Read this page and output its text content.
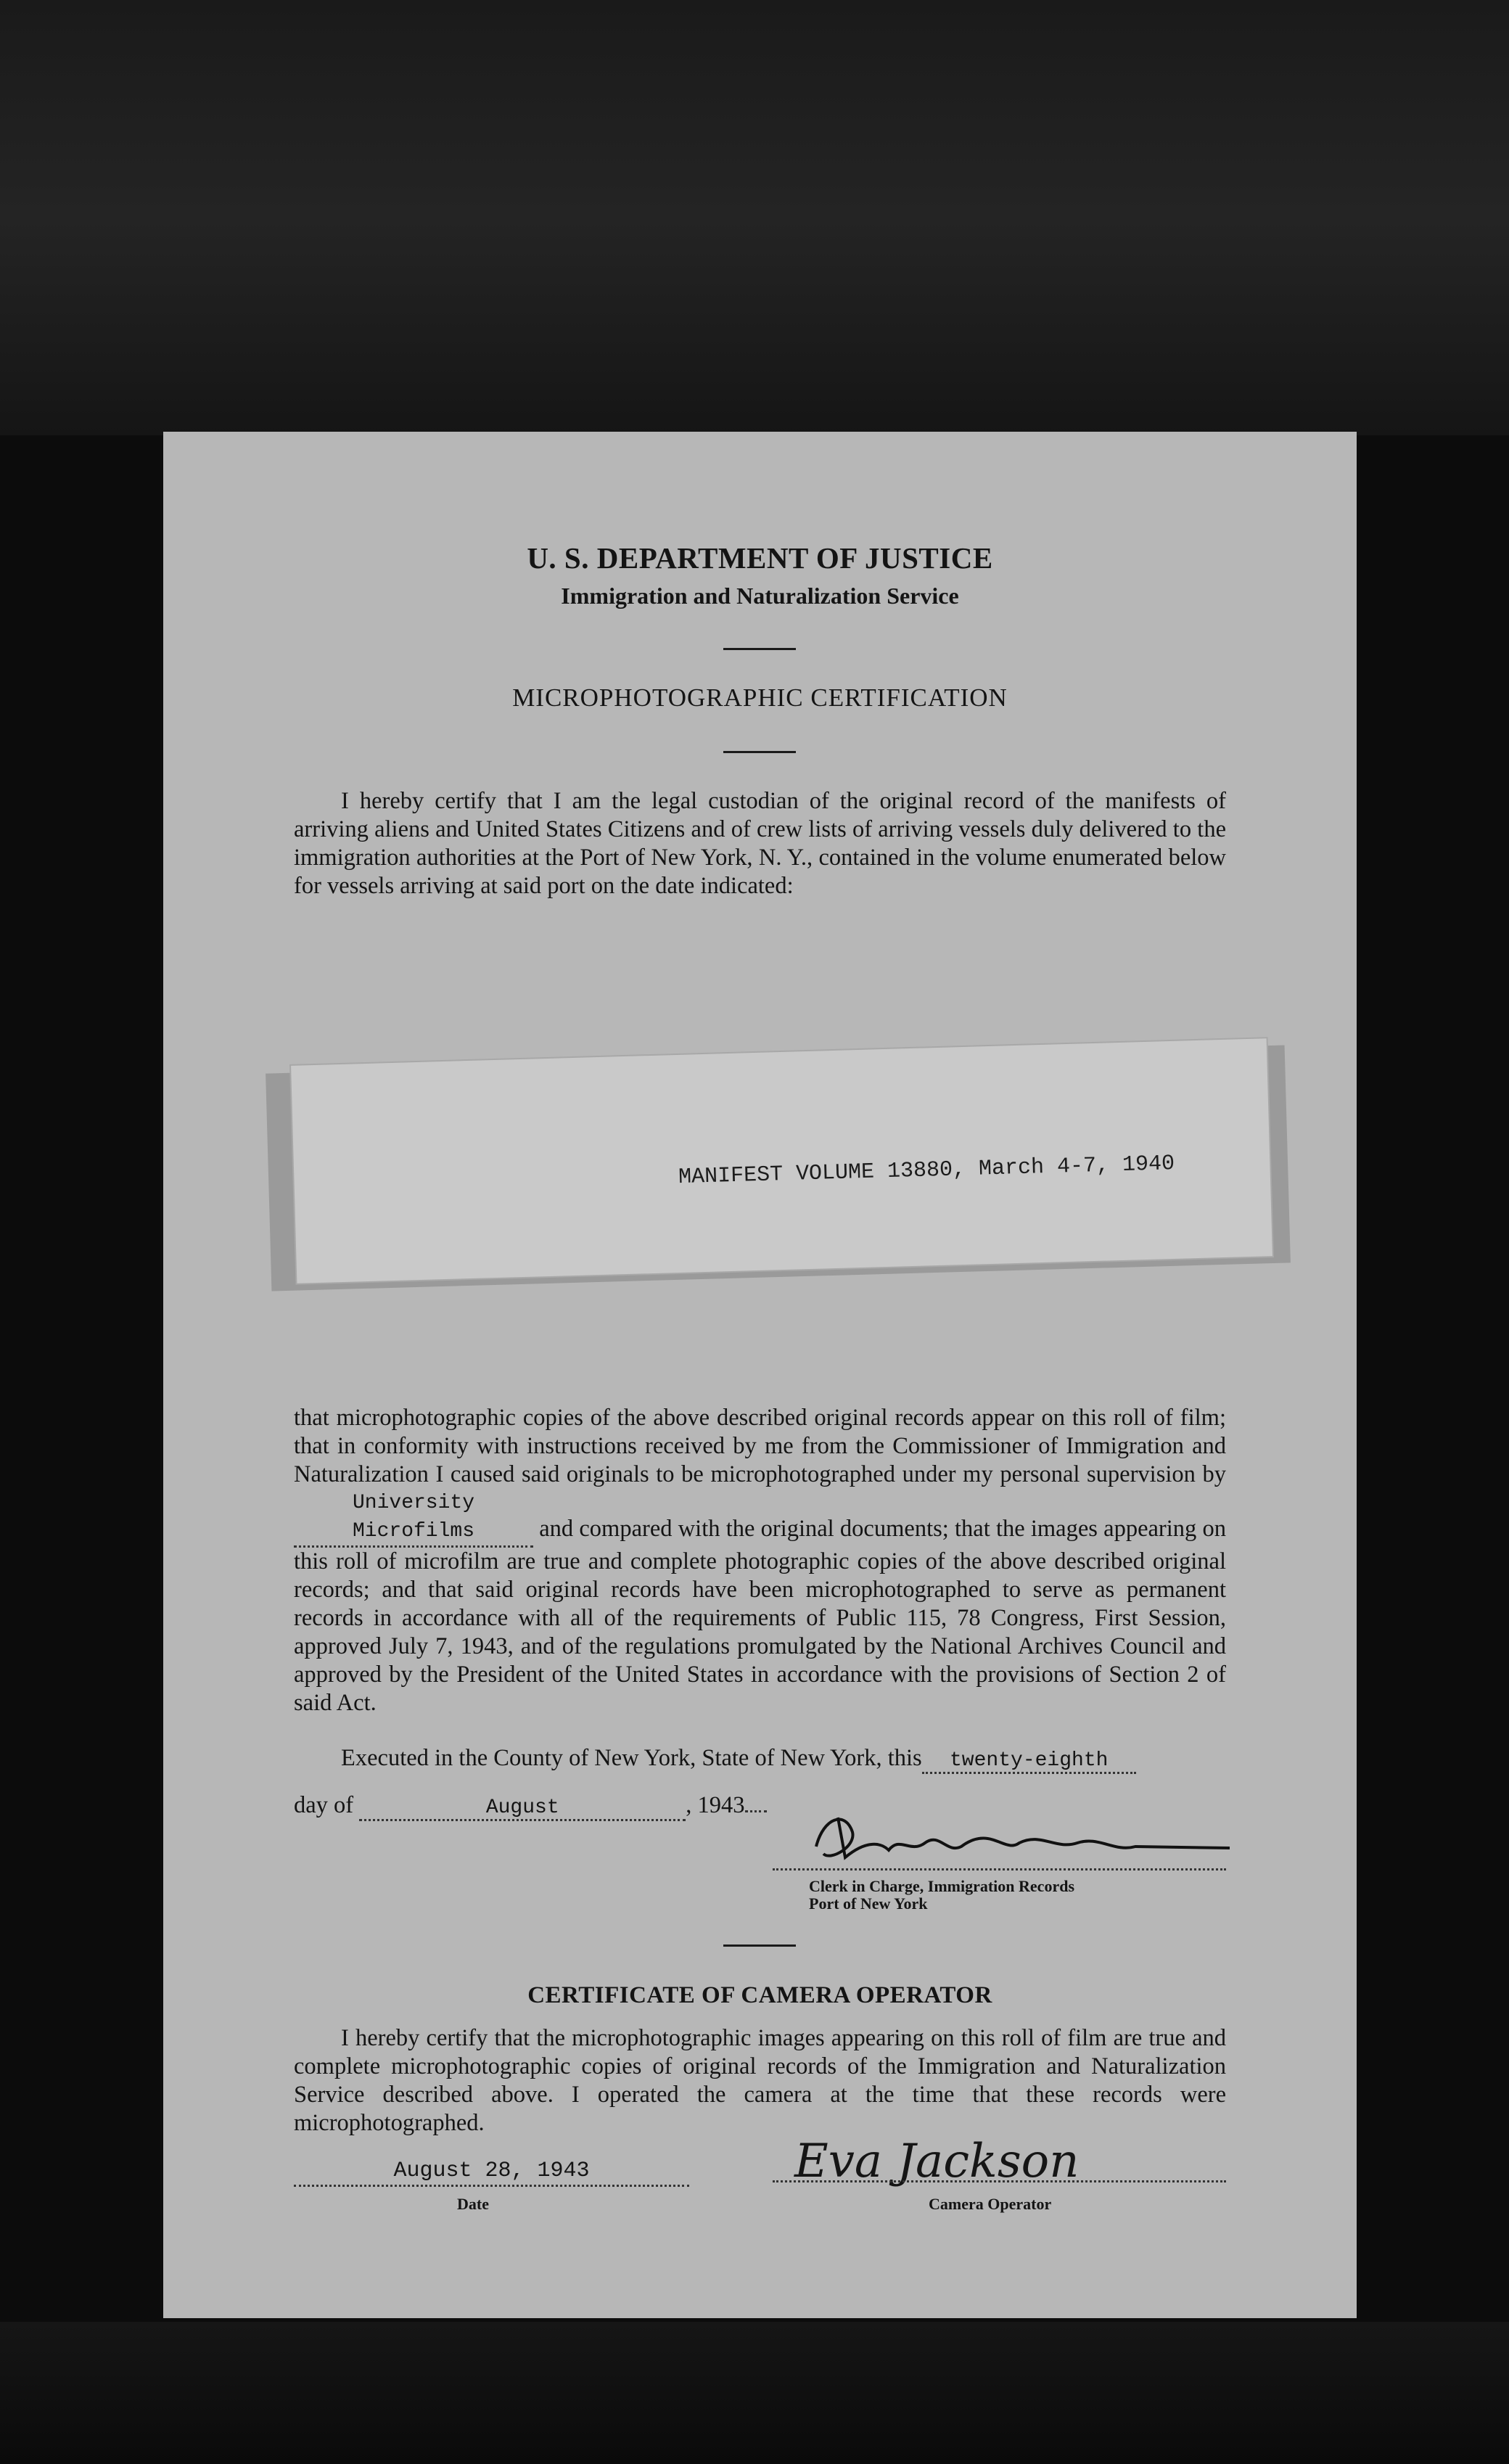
U. S. DEPARTMENT OF JUSTICE
Immigration and Naturalization Service
MICROPHOTOGRAPHIC CERTIFICATION
I hereby certify that I am the legal custodian of the original record of the manifests of arriving aliens and United States Citizens and of crew lists of arriving vessels duly delivered to the immigration authorities at the Port of New York, N. Y., contained in the volume enumerated below for vessels arriving at said port on the date indicated:
MANIFEST VOLUME 13880, March 4-7, 1940
that microphotographic copies of the above described original records appear on this roll of film; that in conformity with instructions received by me from the Commissioner of Immigration and Naturalization I caused said originals to be microphotographed under my personal supervision byUniversity Microfilms	and compared with the original documents; that the images appearing on this roll of microfilm are true and complete photographic copies of the above described original records; and that said original records have been microphotographed to serve as permanent records in accordance with all of the requirements of Public 115, 78 Congress, First Session, approved July 7, 1943, and of the regulations promulgated by the National Archives Council and approved by the President of the United States in accordance with the provisions of Section 2 of said Act.
Executed in the County of New York, State of New York, this twenty-eighth
day of	August	, 1943
Clerk in Charge, Immigration Records
Port of New York
CERTIFICATE OF CAMERA OPERATOR
I hereby certify that the microphotographic images appearing on this roll of film are true and complete microphotographic copies of original records of the Immigration and Naturalization Service described above. I operated the camera at the time that these records were microphotographed.
August 28, 1943
Date
Eva Jackson
Camera Operator
